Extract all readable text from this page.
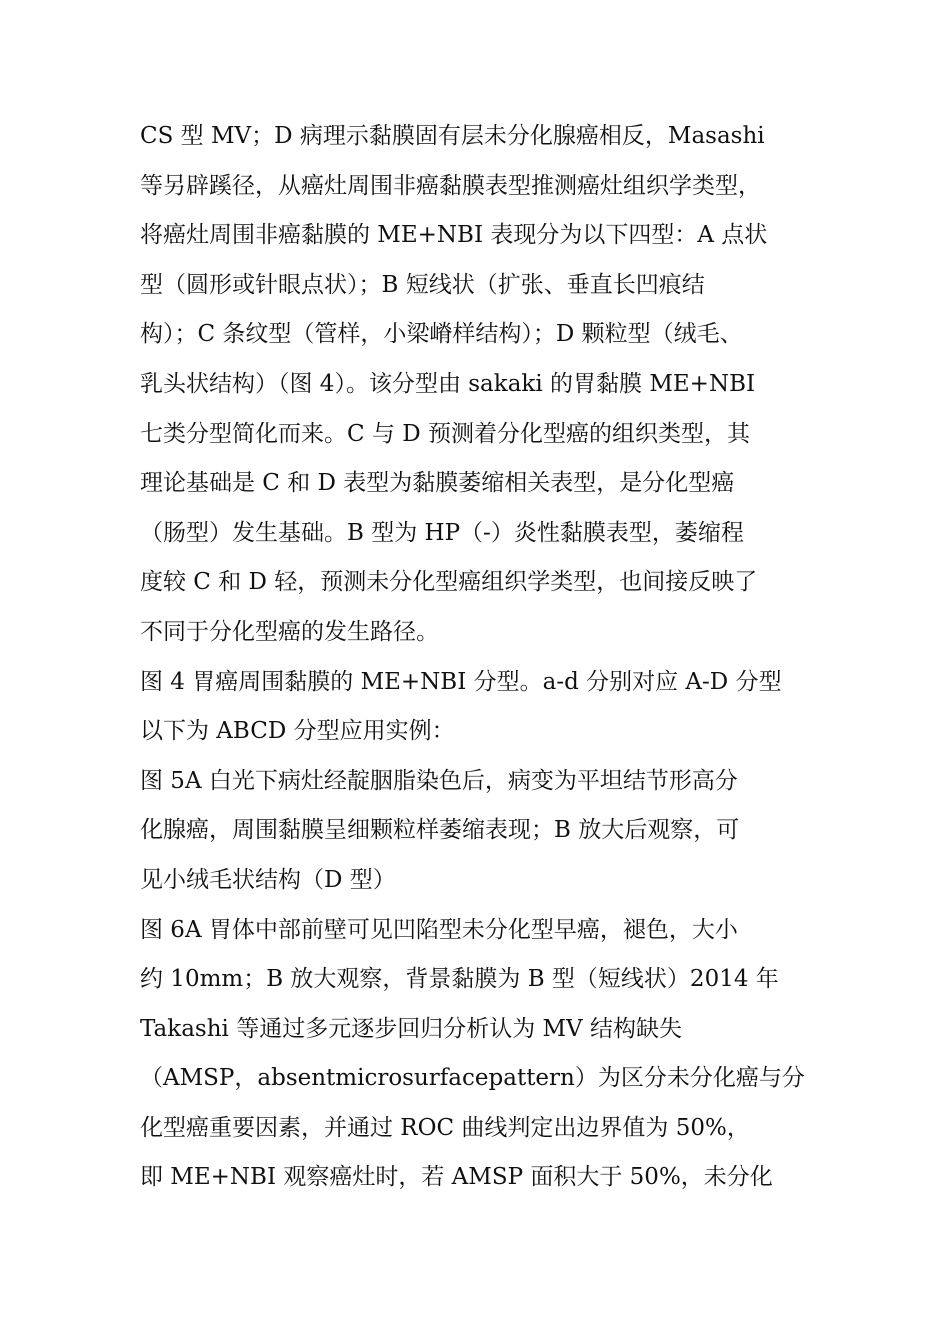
CS 型 MV；D 病理示黏膜固有层未分化腺癌相反，Masashi
等另辟蹊径，从癌灶周围非癌黏膜表型推测癌灶组织学类型，
将癌灶周围非癌黏膜的 ME+NBI 表现分为以下四型：A 点状
型（圆形或针眼点状）；B 短线状（扩张、垂直长凹痕结
构）；C 条纹型（管样，小梁嵴样结构）；D 颗粒型（绒毛、
乳头状结构）（图 4）。该分型由 sakaki 的胃黏膜 ME+NBI
七类分型简化而来。C 与 D 预测着分化型癌的组织类型，其
理论基础是 C 和 D 表型为黏膜萎缩相关表型，是分化型癌
（肠型）发生基础。B 型为 HP（-）炎性黏膜表型，萎缩程
度较 C 和 D 轻，预测未分化型癌组织学类型，也间接反映了
不同于分化型癌的发生路径。
图 4 胃癌周围黏膜的 ME+NBI 分型。a-d 分别对应 A-D 分型
以下为 ABCD 分型应用实例：
图 5A 白光下病灶经靛胭脂染色后，病变为平坦结节形高分
化腺癌，周围黏膜呈细颗粒样萎缩表现；B 放大后观察，可
见小绒毛状结构（D 型）
图 6A 胃体中部前壁可见凹陷型未分化型早癌，褪色，大小
约 10mm；B 放大观察，背景黏膜为 B 型（短线状）2014 年
Takashi 等通过多元逐步回归分析认为 MV 结构缺失
（AMSP，absentmicrosurfacepattern）为区分未分化癌与分
化型癌重要因素，并通过 ROC 曲线判定出边界值为 50%，
即 ME+NBI 观察癌灶时，若 AMSP 面积大于 50%，未分化
